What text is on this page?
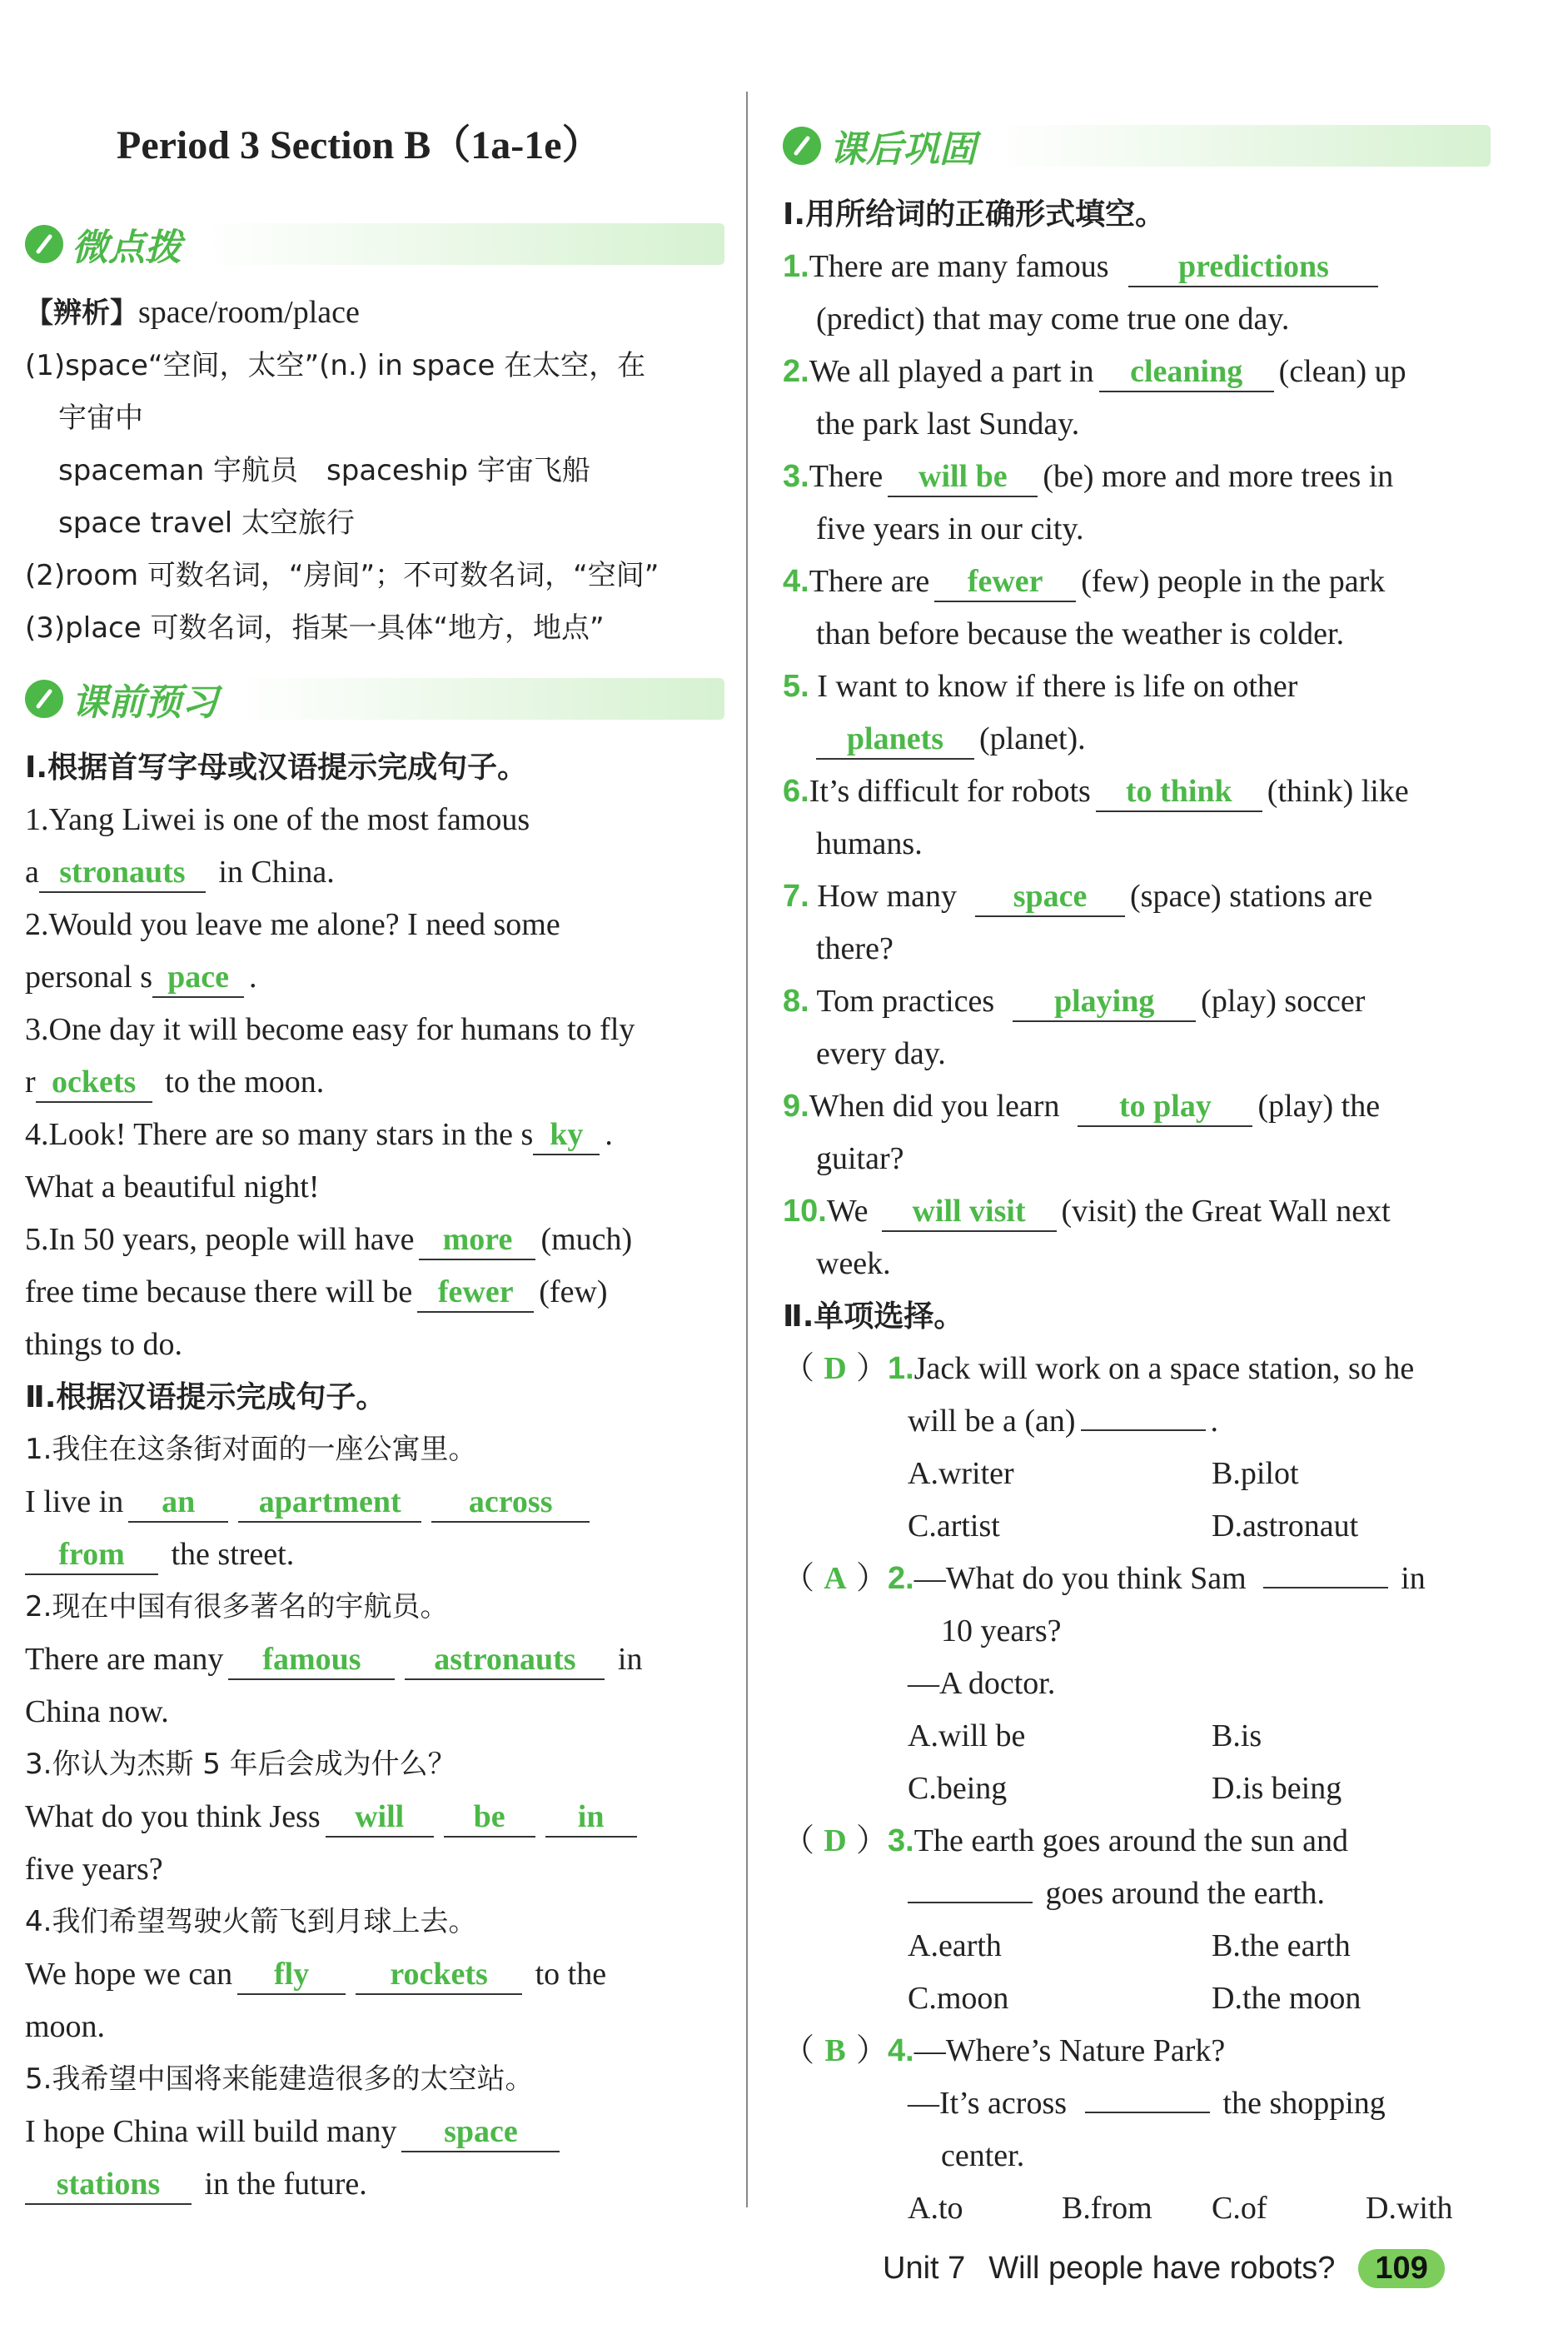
Period 3 Section B（1a-1e）
微点拨
【辨析】space/room/place
(1)space“空间，太空”(n.) in space 在太空，在
宇宙中
spaceman 宇航员　spaceship 宇宙飞船
space travel 太空旅行
(2)room 可数名词，“房间”；不可数名词，“空间”
(3)place 可数名词，指某一具体“地方，地点”
课前预习
Ⅰ.根据首写字母或汉语提示完成句子。
1.Yang Liwei is one of the most famous
a stronauts in China.
2.Would you leave me alone? I need some
personal s pace .
3.One day it will become easy for humans to fly
r ockets to the moon.
4.Look! There are so many stars in the s ky .
What a beautiful night!
5.In 50 years, people will have more (much)
free time because there will be fewer (few)
things to do.
Ⅱ.根据汉语提示完成句子。
1.我住在这条街对面的一座公寓里。
I live in an apartment across
from the street.
2.现在中国有很多著名的宇航员。
There are many famous astronauts in
China now.
3.你认为杰斯 5 年后会成为什么？
What do you think Jess will be in
five years?
4.我们希望驾驶火箭飞到月球上去。
We hope we can fly	rockets to the
moon.
5.我希望中国将来能建造很多的太空站。
I hope China will build many space
stations in the future.
课后巩固
Ⅰ.用所给词的正确形式填空。
1.There are many famous predictions
(predict) that may come true one day.
2.We all played a part in cleaning (clean) up
the park last Sunday.
3.There will be (be) more and more trees in
five years in our city.
4.There are fewer (few) people in the park
than before because the weather is colder.
5. I want to know if there is life on other
planets (planet).
6.It’s difficult for robots to think (think) like
humans.
7. How many space (space) stations are
there?
8. Tom practices playing (play) soccer
every day.
9.When did you learn to play (play) the
guitar?
10.We will visit (visit) the Great Wall next
week.
Ⅱ.单项选择。
（ D ）1.Jack will work on a space station, so he
will be a (an)	.
A.writer	B.pilot
C.artist	D.astronaut
（ A ）2.—What do you think Sam	in
10 years?
—A doctor.
A.will be	B.is
C.being	D.is being
（ D ）3.The earth goes around the sun and
goes around the earth.
A.earth	B.the earth
C.moon	D.the moon
（ B ）4.—Where’s Nature Park?
—It’s across	the shopping
center.
A.to	B.from	C.of	D.with
Unit 7 Will people have robots?	109
